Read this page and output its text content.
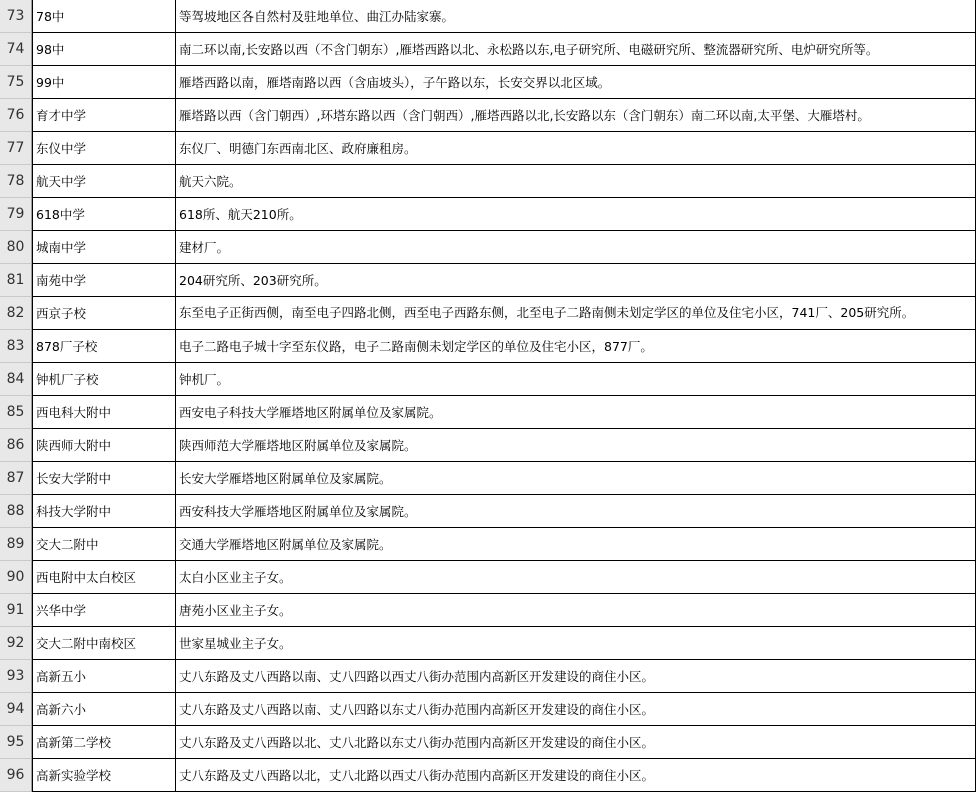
73 78中	等驾坡地区各自然村及驻地单位、曲江办陆家寨。
74 98中	南二环以南,长安路以西（不含门朝东）,雁塔西路以北、永松路以东,电子研究所、电磁研究所、整流器研究所、电炉研究所等。
75 99中	雁塔西路以南，雁塔南路以西（含庙坡头），子午路以东，长安交界以北区域。
76 育才中学	雁塔路以西（含门朝西）,环塔东路以西（含门朝西）,雁塔西路以北,长安路以东（含门朝东）南二环以南,太平堡、大雁塔村。
77 东仪中学	东仪厂、明德门东西南北区、政府廉租房。
78 航天中学	航天六院。
79 618中学	618所、航天210所。
80 城南中学	建材厂。
81 南苑中学	204研究所、203研究所。
82 西京子校	东至电子正街西侧，南至电子四路北侧，西至电子西路东侧，北至电子二路南侧未划定学区的单位及住宅小区，741厂、205研究所。
83 878厂子校	电子二路电子城十字至东仪路，电子二路南侧未划定学区的单位及住宅小区，877厂。
84 钟机厂子校	钟机厂。
85 西电科大附中	西安电子科技大学雁塔地区附属单位及家属院。
86 陕西师大附中	陕西师范大学雁塔地区附属单位及家属院。
87 长安大学附中	长安大学雁塔地区附属单位及家属院。
88 科技大学附中	西安科技大学雁塔地区附属单位及家属院。
89 交大二附中	交通大学雁塔地区附属单位及家属院。
90 西电附中太白校区	太白小区业主子女。
91 兴华中学	唐苑小区业主子女。
92 交大二附中南校区	世家星城业主子女。
93 高新五小	丈八东路及丈八西路以南、丈八四路以西丈八街办范围内高新区开发建设的商住小区。
94 高新六小	丈八东路及丈八西路以南、丈八四路以东丈八街办范围内高新区开发建设的商住小区。
95 高新第二学校	丈八东路及丈八西路以北、丈八北路以东丈八街办范围内高新区开发建设的商住小区。
96 高新实验学校	丈八东路及丈八西路以北，丈八北路以西丈八街办范围内高新区开发建设的商住小区。
